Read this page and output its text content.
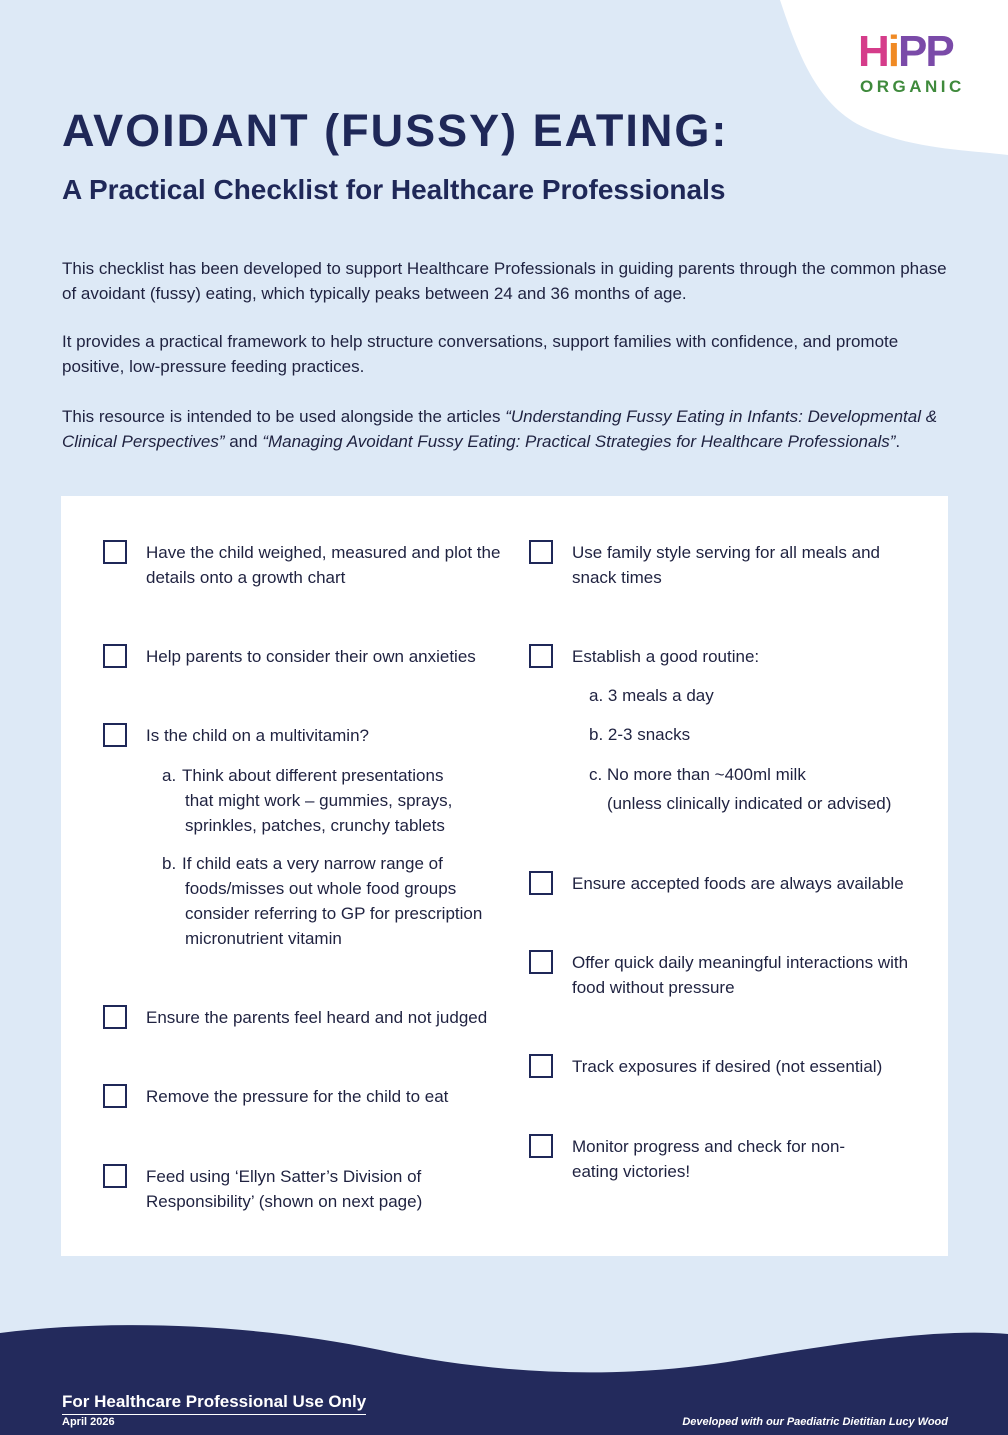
H i P P
ORGANIC
AVOIDANT (FUSSY) EATING:
A Practical Checklist for Healthcare Professionals

This checklist has been developed to support Healthcare Professionals in guiding parents through the common phase of avoidant (fussy) eating, which typically peaks between 24 and 36 months of age.

It provides a practical framework to help structure conversations, support families with confidence, and promote positive, low-pressure feeding practices.

This resource is intended to be used alongside the articles “Understanding Fussy Eating in Infants: Developmental & Clinical Perspectives” and “Managing Avoidant Fussy Eating: Practical Strategies for Healthcare Professionals”.

Have the child weighed, measured and plot the details onto a growth chart
Help parents to consider their own anxieties
Is the child on a multivitamin?
a. Think about different presentations
that might work – gummies, sprays, sprinkles, patches, crunchy tablets
b. If child eats a very narrow range of
foods/misses out whole food groups consider referring to GP for prescription micronutrient vitamin
Ensure the parents feel heard and not judged
Remove the pressure for the child to eat
Feed using ‘Ellyn Satter’s Division of Responsibility’ (shown on next page)
Use family style serving for all meals and snack times
Establish a good routine:
a. 3 meals a day
b. 2-3 snacks
c. No more than ~400ml milk
(unless clinically indicated or advised)
Ensure accepted foods are always available
Offer quick daily meaningful interactions with food without pressure
Track exposures if desired (not essential)
Monitor progress and check for non-eating victories!
For Healthcare Professional Use Only
April 2026	Developed with our Paediatric Dietitian Lucy Wood
